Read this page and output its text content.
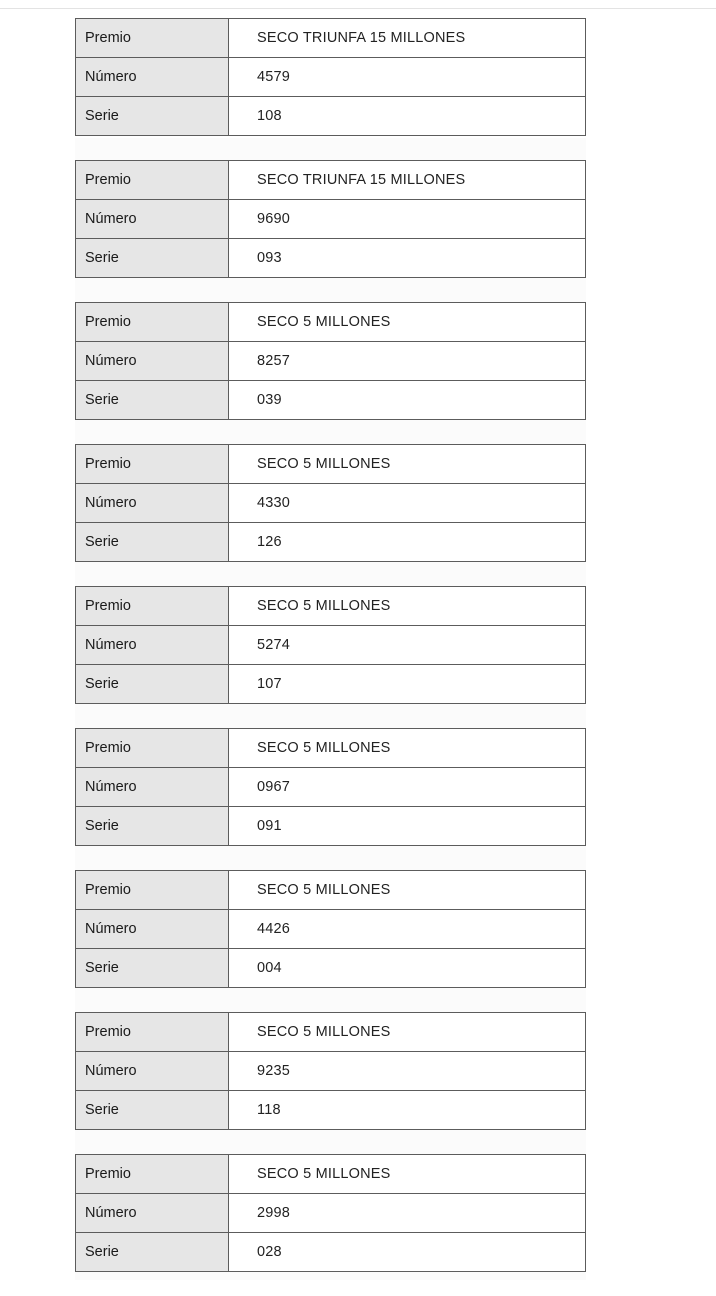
Premio	SECO TRIUNFA 15 MILLONES
Número	4579
Serie	108
Premio	SECO TRIUNFA 15 MILLONES
Número	9690
Serie	093
Premio	SECO 5 MILLONES
Número	8257
Serie	039
Premio	SECO 5 MILLONES
Número	4330
Serie	126
Premio	SECO 5 MILLONES
Número	5274
Serie	107
Premio	SECO 5 MILLONES
Número	0967
Serie	091
Premio	SECO 5 MILLONES
Número	4426
Serie	004
Premio	SECO 5 MILLONES
Número	9235
Serie	118
Premio	SECO 5 MILLONES
Número	2998
Serie	028
